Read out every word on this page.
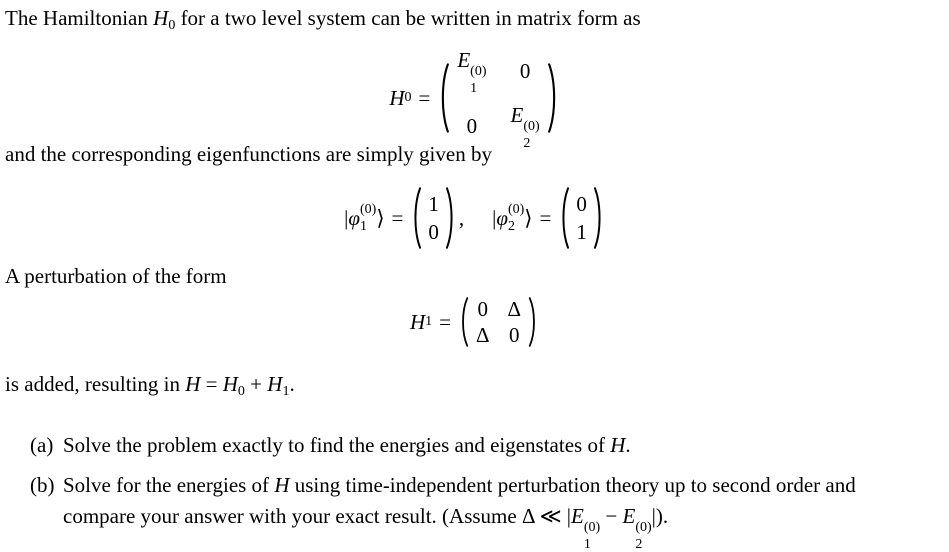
The Hamiltonian H0 for a two level system can be written in matrix form as
H 0 =
E (0)
1
0
0 E (0)
2
and the corresponding eigenfunctions are simply given by
| φ (0)
1 ⟩ =
1
0
, | φ (0)
2 ⟩ =
0
1
A perturbation of the form
H 1 =
0 Δ
Δ 0
is added, resulting in H = H0 + H1.
(a) Solve the problem exactly to find the energies and eigenstates of H.
(b) Solve for the energies of H using time-independent perturbation theory up to second order and
compare your answer with your exact result. (Assume Δ ≪ |E (0)
1
− E (0)
2
|).
